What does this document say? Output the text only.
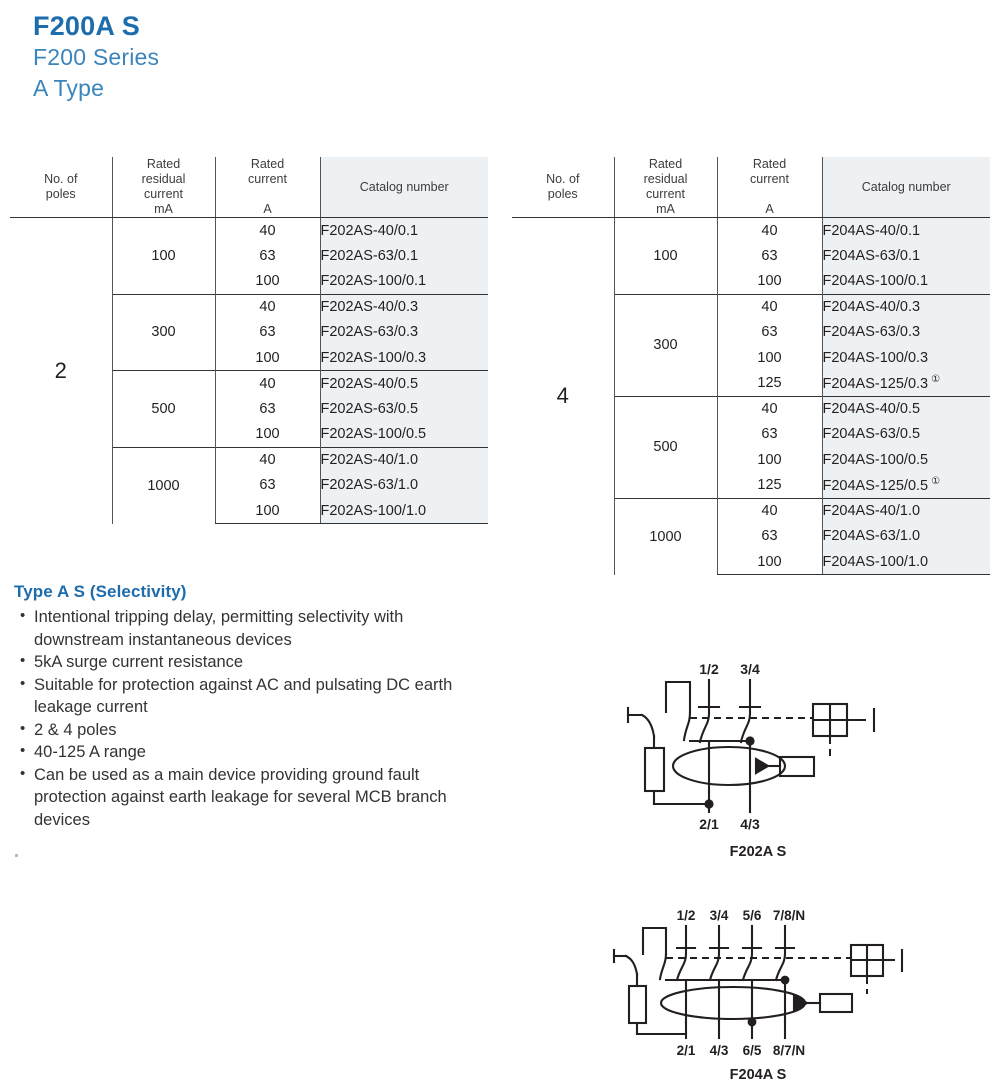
F200A S
F200 Series
A Type
No. of
poles	Rated
residual
current
mA	Rated
current

A	Catalog number
2	100	40	F202AS-40/0.1
		63	F202AS-63/0.1
		100	F202AS-100/0.1
	300	40	F202AS-40/0.3
		63	F202AS-63/0.3
		100	F202AS-100/0.3
	500	40	F202AS-40/0.5
		63	F202AS-63/0.5
		100	F202AS-100/0.5
	1000	40	F202AS-40/1.0
		63	F202AS-63/1.0
		100	F202AS-100/1.0
No. of
poles	Rated
residual
current
mA	Rated
current

A	Catalog number
4	100	40	F204AS-40/0.1
		63	F204AS-63/0.1
		100	F204AS-100/0.1
	300	40	F204AS-40/0.3
		63	F204AS-63/0.3
		100	F204AS-100/0.3
		125	F204AS-125/0.3 ①
	500	40	F204AS-40/0.5
		63	F204AS-63/0.5
		100	F204AS-100/0.5
		125	F204AS-125/0.5 ①
	1000	40	F204AS-40/1.0
		63	F204AS-63/1.0
		100	F204AS-100/1.0
Type A S (Selectivity)
• Intentional tripping delay, permitting selectivity with downstream instantaneous devices
• 5kA surge current resistance
• Suitable for protection against AC and pulsating DC earth leakage current
• 2 & 4 poles
• 40-125 A range
• Can be used as a main device providing ground fault protection against earth leakage for several MCB branch devices
1/2 3/4
2/1 4/3
F202A S
1/2 3/4 5/6 7/8/N
2/1 4/3 6/5 8/7/N
F204A S
